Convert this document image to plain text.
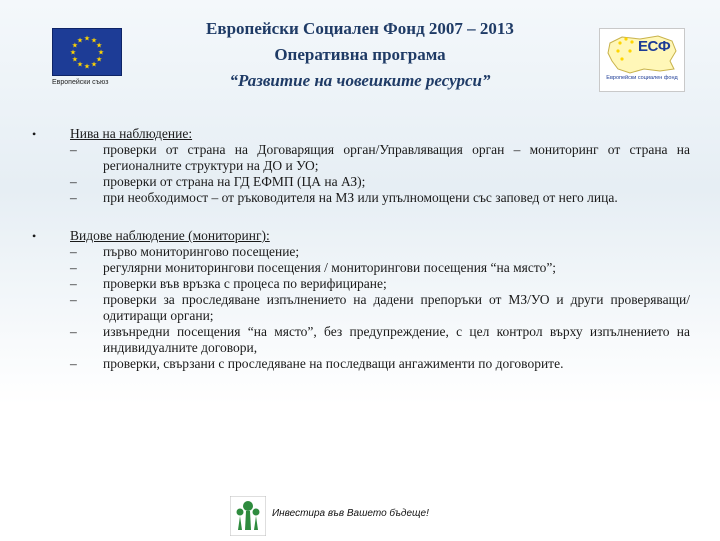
★ ★
★
★
★
★
★
★
★
★
★
★
Европейски съюз
Европейски Социален Фонд 2007 – 2013
Оперативна програма
“Развитие на човешките ресурси”
ЕСФ
Европейски социален фонд
•	Нива на наблюдение:
– проверки от страна на Договарящия орган/Управляващия орган – мониторинг от страна на регионалните структури на ДО и УО;
– проверки от страна на ГД ЕФМП (ЦА на АЗ);
– при необходимост – от ръководителя на МЗ или упълномощени със заповед от него лица.
•	Видове наблюдение (мониторинг):
– първо мониторингово посещение;
– регулярни мониторингови посещения / мониторингови посещения “на място”;
– проверки във връзка с процеса по верифициране;
– проверки за проследяване изпълнението на дадени препоръки от МЗ/УО и други проверяващи/одитиращи органи;
– извънредни посещения “на място”, без предупреждение, с цел контрол върху изпълнението на индивидуалните договори,
– проверки, свързани с проследяване на последващи ангажименти по договорите.
Инвестира във Вашето бъдеще!
